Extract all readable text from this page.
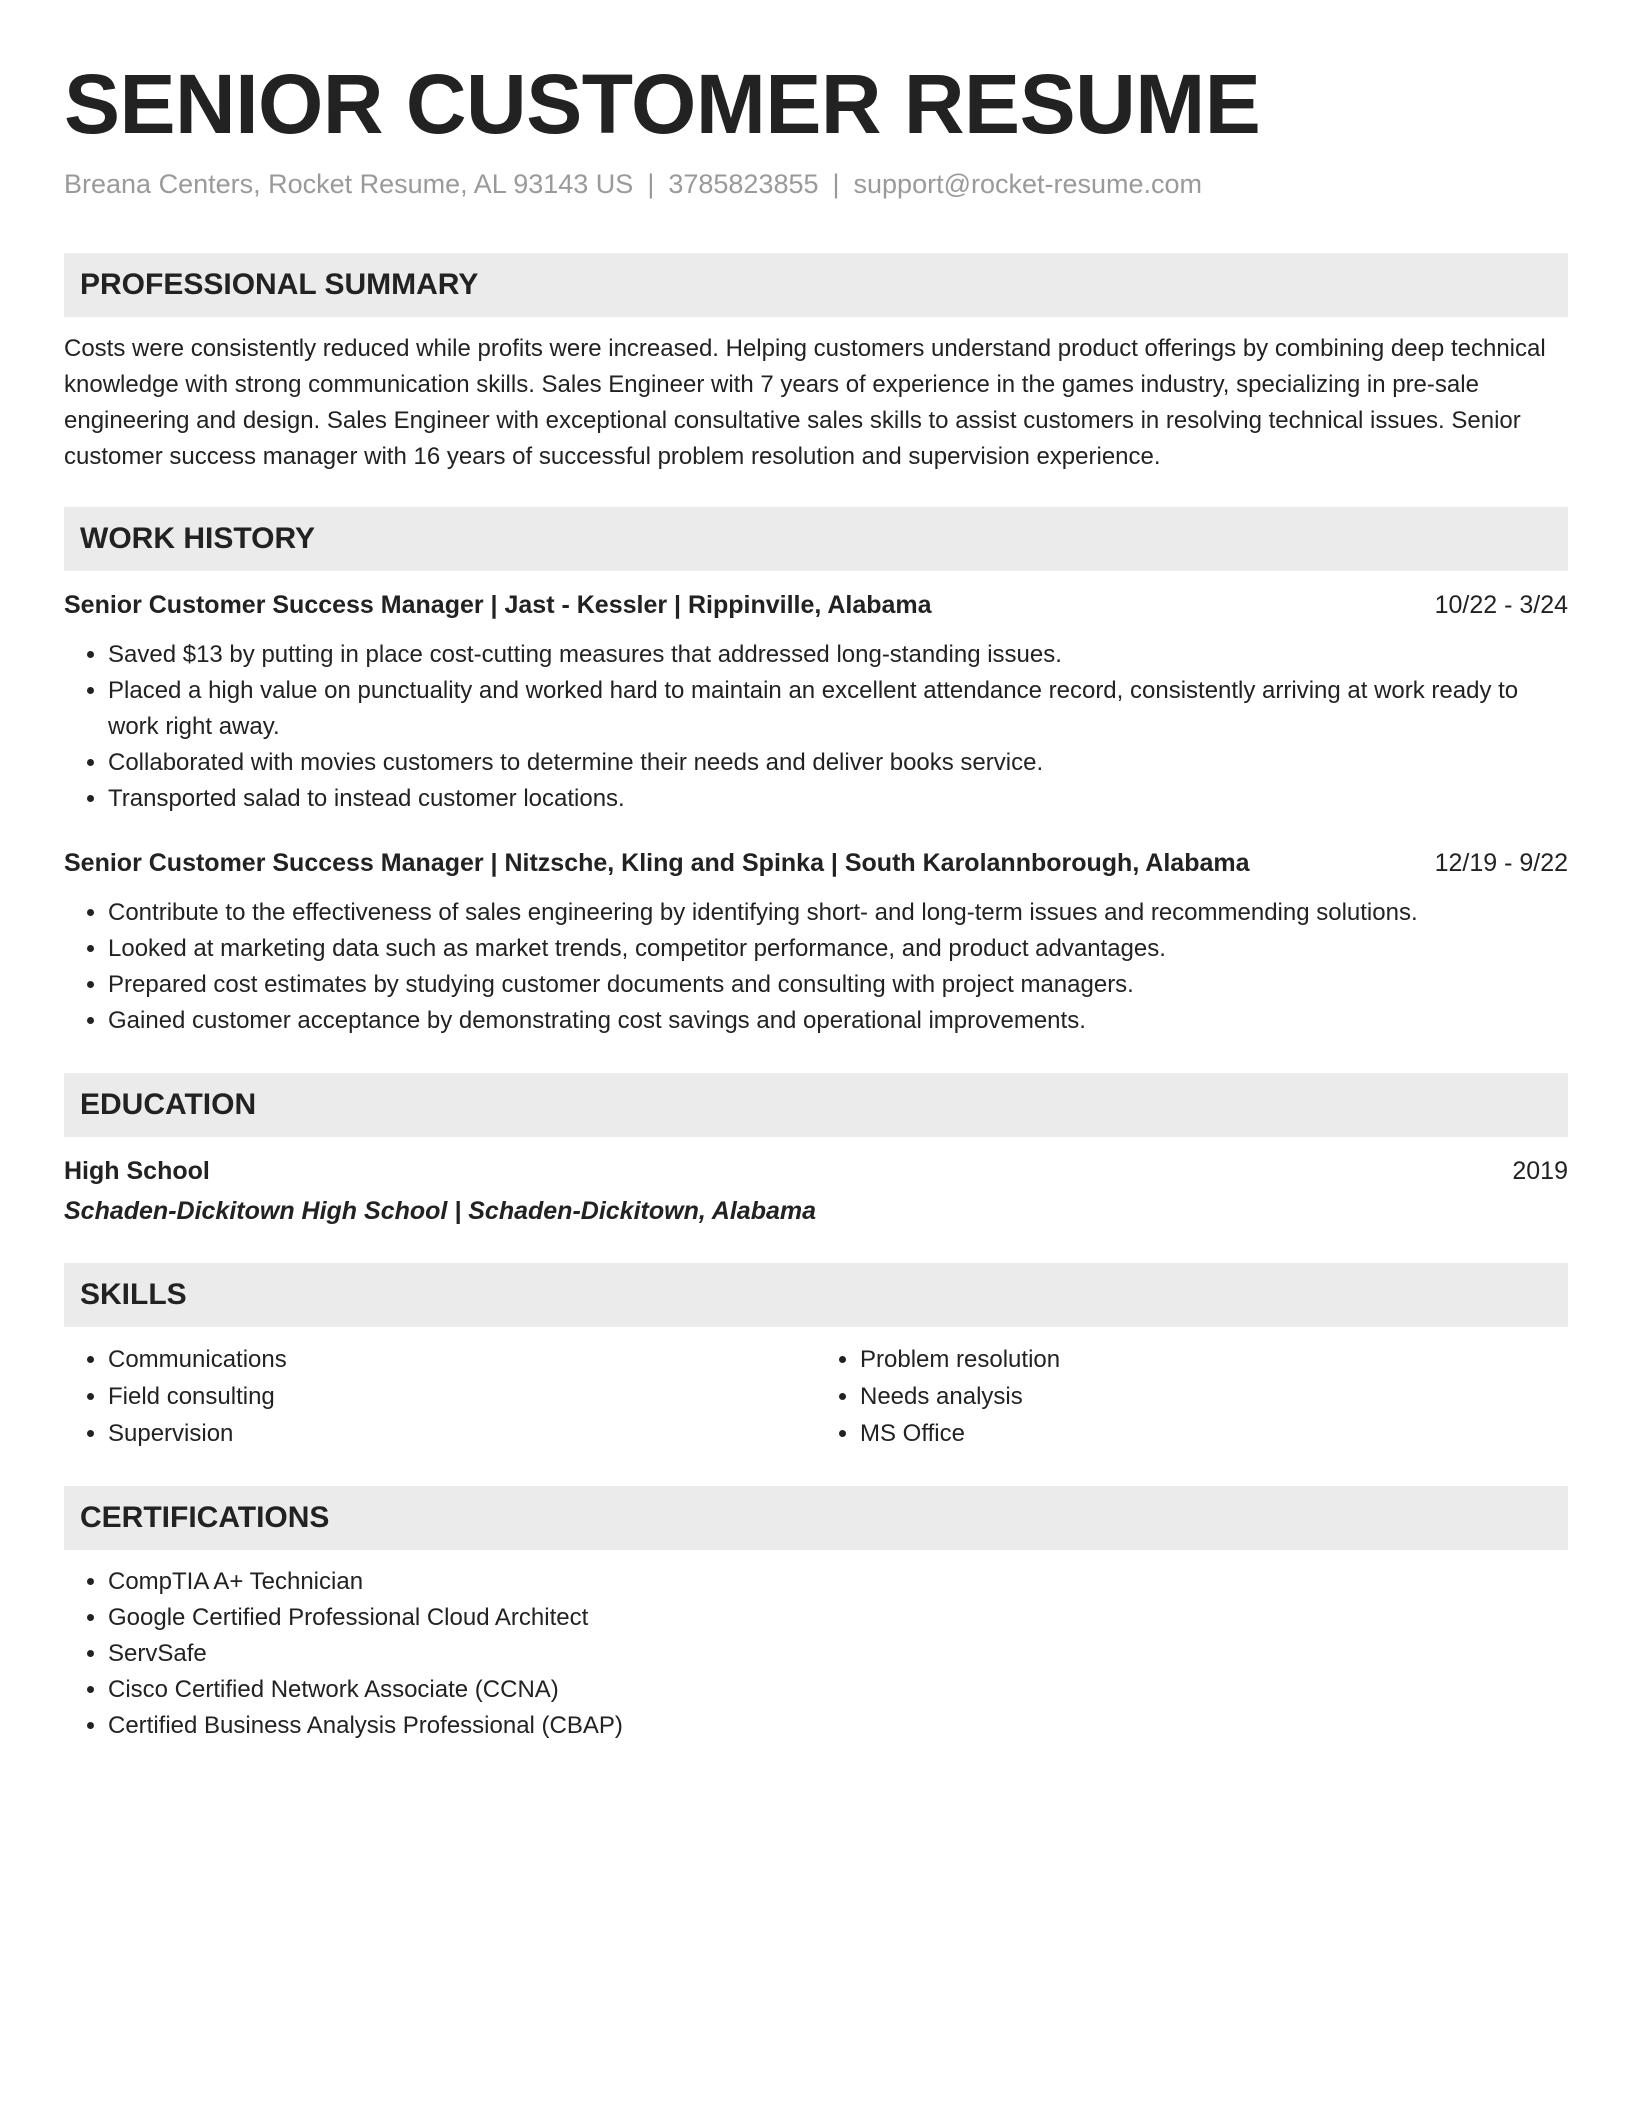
SENIOR CUSTOMER RESUME
Breana Centers, Rocket Resume, AL 93143 US | 3785823855 | support@rocket-resume.com
PROFESSIONAL SUMMARY

Costs were consistently reduced while profits were increased. Helping customers understand product offerings by combining deep technical knowledge with strong communication skills. Sales Engineer with 7 years of experience in the games industry, specializing in pre-sale engineering and design. Sales Engineer with exceptional consultative sales skills to assist customers in resolving technical issues. Senior customer success manager with 16 years of successful problem resolution and supervision experience.

WORK HISTORY
Senior Customer Success Manager | Jast - Kessler | Rippinville, Alabama	10/22 - 3/24
• Saved $13 by putting in place cost-cutting measures that addressed long-standing issues.
• Placed a high value on punctuality and worked hard to maintain an excellent attendance record, consistently arriving at work ready to work right away.
• Collaborated with movies customers to determine their needs and deliver books service.
• Transported salad to instead customer locations.
Senior Customer Success Manager | Nitzsche, Kling and Spinka | South Karolannborough, Alabama	12/19 - 9/22
• Contribute to the effectiveness of sales engineering by identifying short- and long-term issues and recommending solutions.
• Looked at marketing data such as market trends, competitor performance, and product advantages.
• Prepared cost estimates by studying customer documents and consulting with project managers.
• Gained customer acceptance by demonstrating cost savings and operational improvements.
EDUCATION
High School	2019
Schaden-Dickitown High School | Schaden-Dickitown, Alabama
SKILLS
• Communications
• Field consulting
• Supervision
• Problem resolution
• Needs analysis
• MS Office
CERTIFICATIONS
• CompTIA A+ Technician
• Google Certified Professional Cloud Architect
• ServSafe
• Cisco Certified Network Associate (CCNA)
• Certified Business Analysis Professional (CBAP)
